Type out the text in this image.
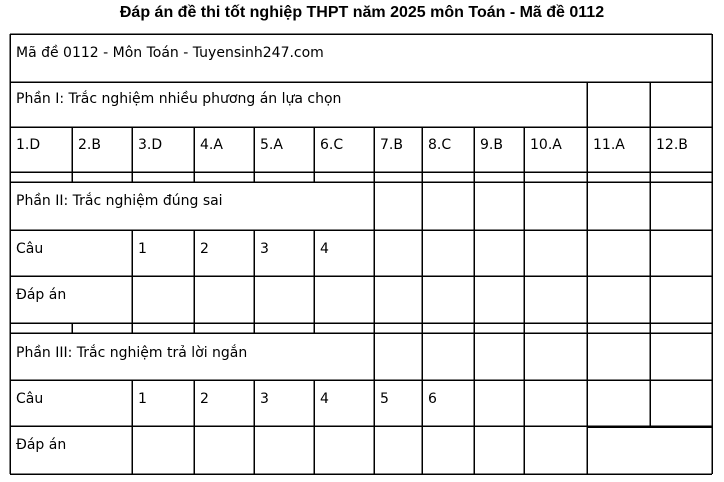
Đáp án đề thi tốt nghiệp THPT năm 2025 môn Toán - Mã đề 0112
Mã đề 0112 - Môn Toán - Tuyensinh247.com
Phần I: Trắc nghiệm nhiều phương án lựa chọn
1.D	2.B	3.D	4.A	5.A	6.C	7.B 8.C 9.B 10.A 11.A 12.B
Phần II: Trắc nghiệm đúng sai
Câu	1	2	3	4
Đáp án
Phần III: Trắc nghiệm trả lời ngắn
Câu	1	2	3	4	5	6
Đáp án
